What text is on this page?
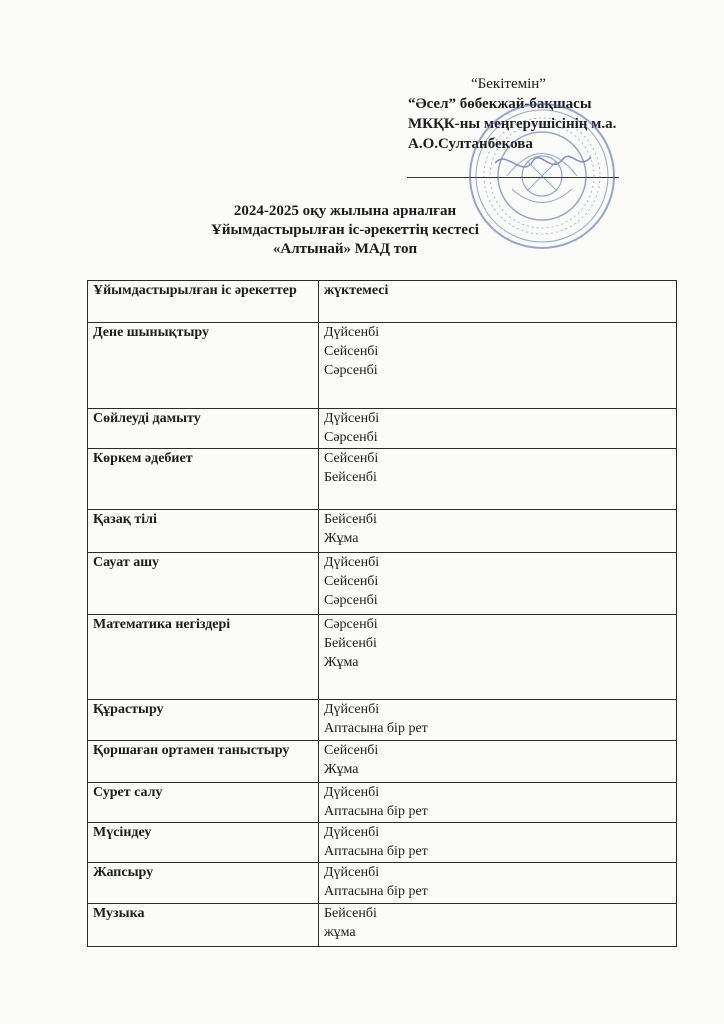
“Бекітемін”
“Әсел” бөбекжай-бақшасы
МКҚК-ны меңгерушісінің м.а.
А.О.Султанбекова
2024-2025 оқу жылына арналған
Ұйымдастырылған іс-әрекеттің кестесі
«Алтынай» МАД топ
Ұйымдастырылған іс әрекеттер	жүктемесі
Дене шынықтыру	Дүйсенбі
Сейсенбі
Сәрсенбі

Сөйлеуді дамыту	Дүйсенбі
Сәрсенбі

Көркем әдебиет	Сейсенбі
Бейсенбі

Қазақ тілі	Бейсенбі
Жұма

Сауат ашу	Дүйсенбі
Сейсенбі
Сәрсенбі

Математика негіздері	Сәрсенбі
Бейсенбі
Жұма

Құрастыру	Дүйсенбі
Аптасына бір рет

Қоршаған ортамен таныстыру	Сейсенбі
Жұма

Сурет салу	Дүйсенбі
Аптасына бір рет

Мүсіндеу	Дүйсенбі
Аптасына бір рет

Жапсыру	Дүйсенбі
Аптасына бір рет

Музыка	Бейсенбі
жұма
